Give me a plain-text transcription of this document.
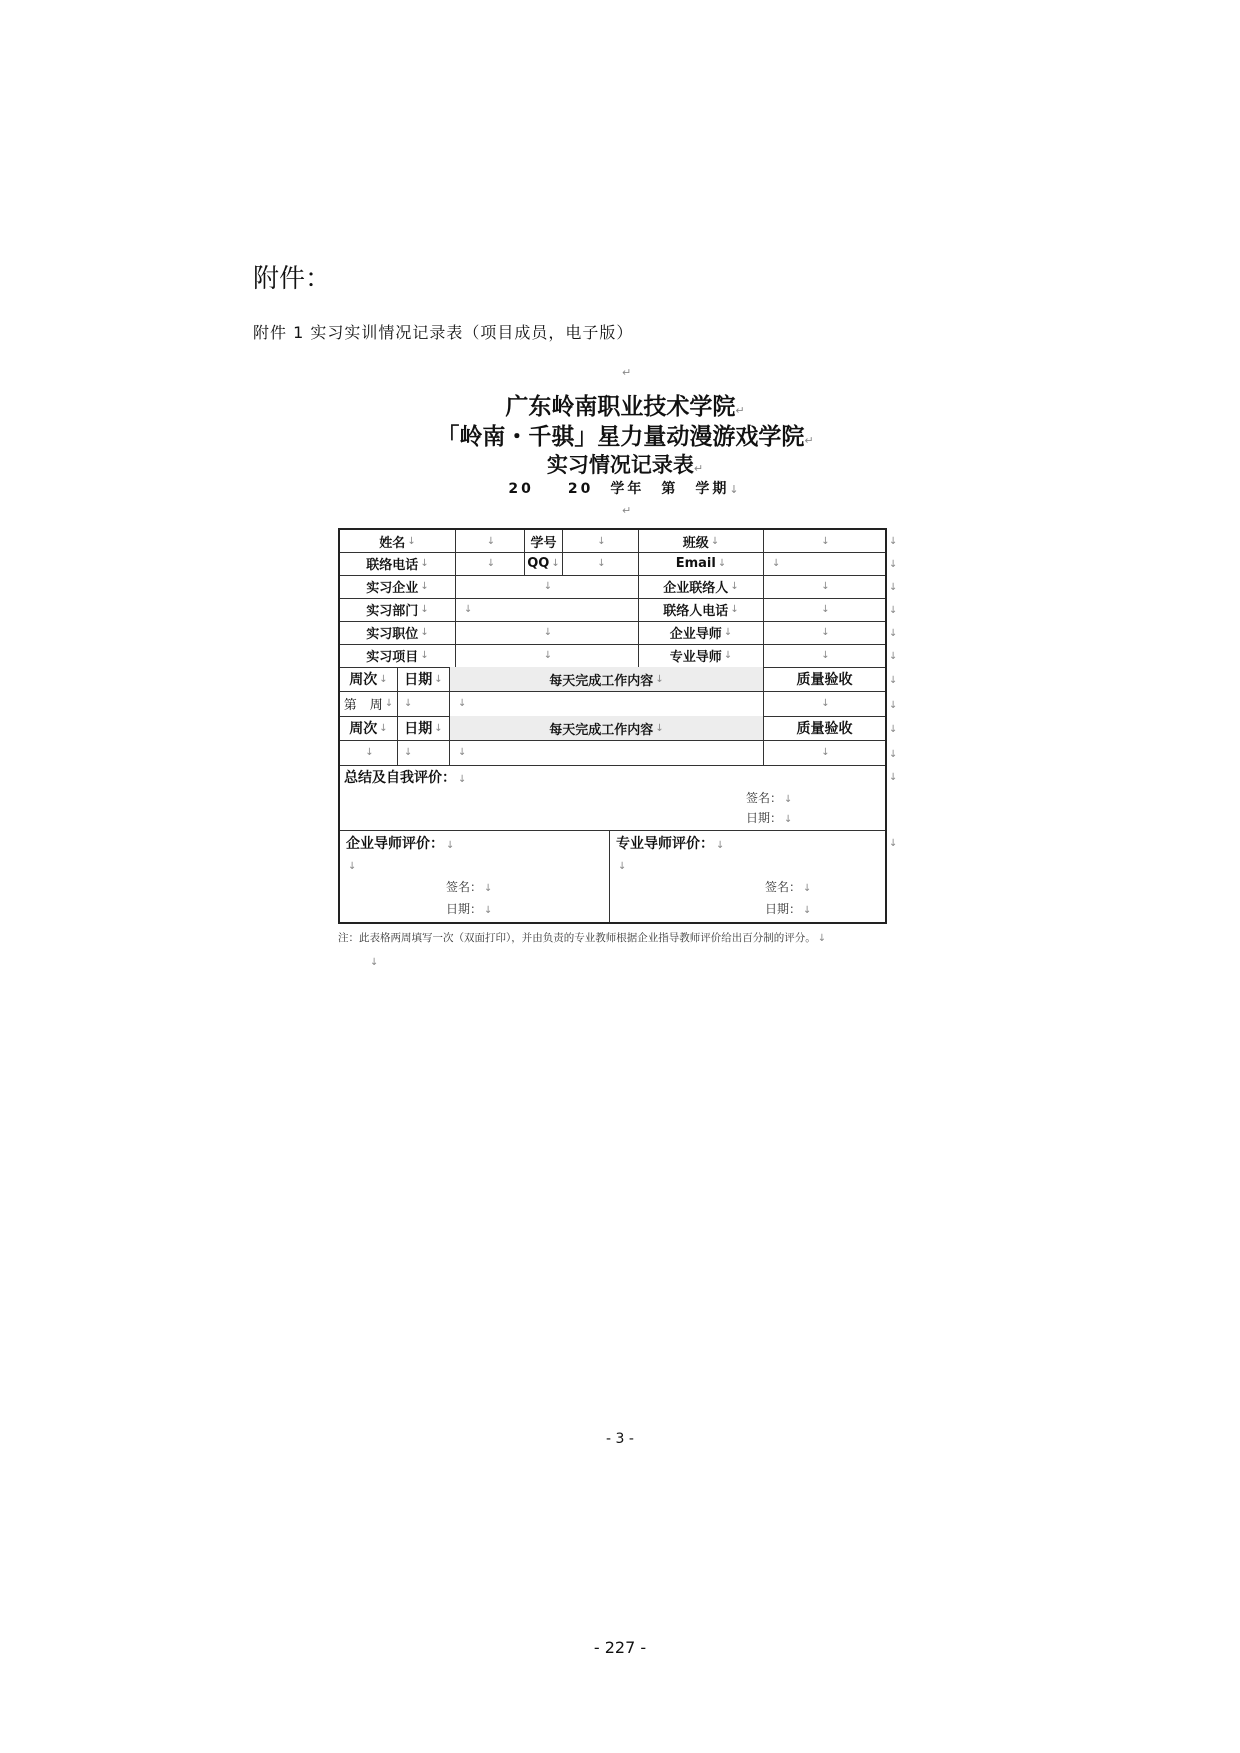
附件：
附件 1 实习实训情况记录表（项目成员，电子版）
↵
广东岭南职业技术学院↵
「岭南・千骐」星力量动漫游戏学院↵
实习情况记录表↵
20　　20　学年　第　学期↓
↵
姓名 ↓	↓	学号	↓	班级 ↓	↓
联络电话 ↓	↓ QQ ↓	↓	Email ↓	↓
实习企业 ↓	↓	企业联络人 ↓	↓
实习部门 ↓	↓	联络人电话 ↓	↓
实习职位 ↓	↓	企业导师 ↓	↓
实习项目 ↓	↓	专业导师 ↓	↓
周次 ↓ 日期 ↓	每天完成工作内容 ↓	质量验收
第　周 ↓ ↓	↓	↓
周次 ↓ 日期 ↓	每天完成工作内容 ↓	质量验收
↓	↓	↓	↓
总结及自我评价： ↓
签名： ↓
日期： ↓
企业导师评价： ↓
↓
签名： ↓
日期： ↓
专业导师评价： ↓
↓
签名： ↓
日期： ↓
↓
↓
↓
↓
↓
↓
↓
↓
↓
↓
↓
↓
注：此表格两周填写一次（双面打印），并由负责的专业教师根据企业指导教师评价给出百分制的评分。 ↓
↓
- 3 -
- 227 -
